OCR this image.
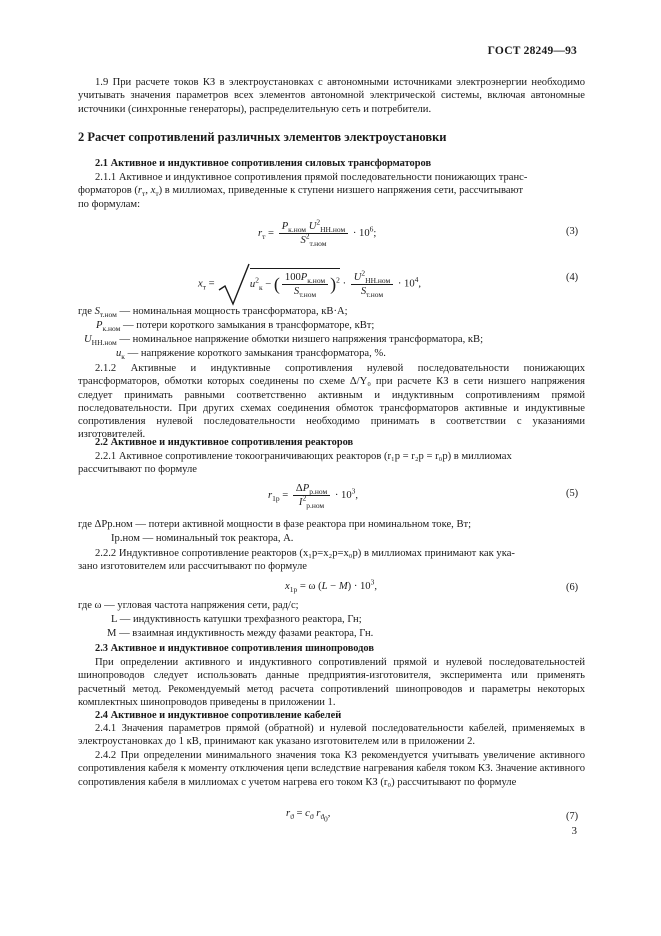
ГОСТ 28249—93

1.9 При расчете токов КЗ в электроустановках с автономными источниками электроэнергии необходимо учитывать значения параметров всех элементов автономной электрической системы, включая автономные источники (синхронные генераторы), распределительную сеть и потребители.

2 Расчет сопротивлений различных элементов электроустановки
2.1 Активное и индуктивное сопротивления силовых трансформаторов

2.1.1 Активное и индуктивное сопротивления прямой последовательности понижающих транс-

форматоров ($r_т$, $x_т$) в миллиомах, приведенные к ступени низшего напряжения сети, рассчитывают

по формулам:

$r_т = \frac{P_{к.ном} U^2_{НН.ном}}{S^2_{т.ном}} \cdot 10^6$;	(3)
$x_т$ =	$u^2_к$ − ( $\frac{100P_{к.ном}}{S_{т.ном}} )^2 \cdot \frac{U^2_{НН.ном}}{S_{т.ном}} \cdot 10^4$,
(4)
где $S_{т.ном}$ — номинальная мощность трансформатора, кВ·А;
$P_{к.ном}$ — потери короткого замыкания в трансформаторе, кВт;
$U_{НН.ном}$ — номинальное напряжение обмотки низшего напряжения трансформатора, кВ;
$u_к$ — напряжение короткого замыкания трансформатора, %.

2.1.2 Активные и индуктивные сопротивления нулевой последовательности понижающих трансформаторов, обмотки которых соединены по схеме Δ/Y₀ при расчете КЗ в сети низшего напряжения следует принимать равными соответственно активным и индуктивным сопротивлениям прямой последовательности. При других схемах соединения обмоток трансформаторов активные и индуктивные сопротивления нулевой последовательности необходимо принимать в соответствии с указаниями изготовителей.

2.2 Активное и индуктивное сопротивления реакторов

2.2.1 Активное сопротивление токоограничивающих реакторов (r₁р = r₂р = r₀р) в миллиомах

рассчитывают по формуле

$r_{1р} = \frac{\Delta P_{р.ном}}{I^2_{р.ном}} \cdot 10^3$,	(5)
где ΔPр.ном — потери активной мощности в фазе реактора при номинальном токе, Вт;
Iр.ном — номинальный ток реактора, А.

2.2.2 Индуктивное сопротивление реакторов (x₁р=x₂р=x₀р) в миллиомах принимают как ука-

зано изготовителем или рассчитывают по формуле

$x_{1р} = \omega$ $(L - M) \cdot 10^3$,	(6)
где ω — угловая частота напряжения сети, рад/с;
L — индуктивность катушки трехфазного реактора, Гн;
M — взаимная индуктивность между фазами реактора, Гн.
2.3 Активное и индуктивное сопротивления шинопроводов

При определении активного и индуктивного сопротивлений прямой и нулевой последовательностей шинопроводов следует использовать данные предприятия-изготовителя, эксперимента или применять расчетный метод. Рекомендуемый метод расчета сопротивлений шинопроводов и параметры некоторых комплектных шинопроводов приведены в приложении 1.

2.4 Активное и индуктивное сопротивление кабелей

2.4.1 Значения параметров прямой (обратной) и нулевой последовательности кабелей, применяемых в электроустановках до 1 кВ, принимают как указано изготовителем или в приложении 2.

2.4.2 При определении минимального значения тока КЗ рекомендуется учитывать увеличение активного сопротивления кабеля к моменту отключения цепи вследствие нагревания кабеля током КЗ. Значение активного сопротивления кабеля в миллиомах с учетом нагрева его током КЗ (r₀) рассчитывают по формуле

$r_ϑ = c_ϑ$ $r_{ϑ_0}$,	(7)
3
